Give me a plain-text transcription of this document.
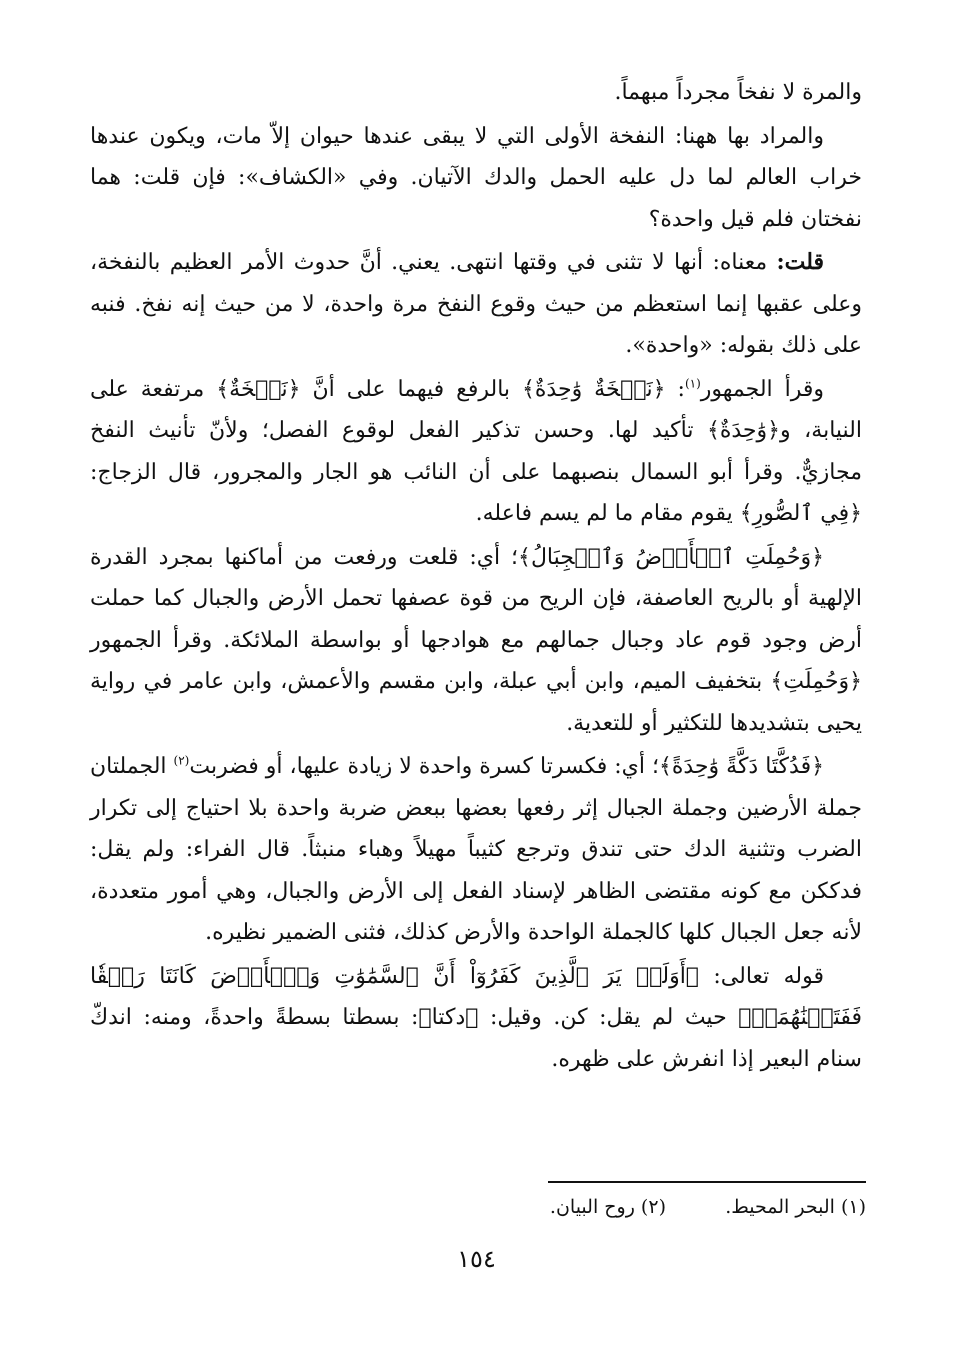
والمرة لا نفخاً مجرداً مبهماً.

والمراد بها ههنا: النفخة الأولى التي لا يبقى عندها حيوان إلاّ مات، ويكون عندها خراب العالم لما دل عليه الحمل والدك الآتيان. وفي «الكشاف»: فإن قلت: هما نفختان فلم قيل واحدة؟

قلت: معناه: أنها لا تثنى في وقتها انتهى. يعني. أنَّ حدوث الأمر العظيم بالنفخة، وعلى عقبها إنما استعظم من حيث وقوع النفخ مرة واحدة، لا من حيث إنه نفخ. فنبه على ذلك بقوله: «واحدة».

وقرأ الجمهور$^{(١)}$: ﴿نَفۡخَةٌ وَٰحِدَةٌ﴾ بالرفع فيهما على أنَّ ﴿نَفۡخَةٌ﴾ مرتفعة على النيابة، و﴿وَٰحِدَةٌ﴾ تأكيد لها. وحسن تذكير الفعل لوقوع الفصل؛ ولأنّ تأنيث النفخ مجازيٌّ. وقرأ أبو السمال بنصبهما على أن النائب هو الجار والمجرور، قال الزجاج: ﴿فِي ٱلصُّورِ﴾ يقوم مقام ما لم يسم فاعله.

﴿وَحُمِلَتِ ٱلۡأَرۡضُ وَٱلۡجِبَالُ﴾؛ أي: قلعت ورفعت من أماكنها بمجرد القدرة الإلهية أو بالريح العاصفة، فإن الريح من قوة عصفها تحمل الأرض والجبال كما حملت أرض وجود قوم عاد وجبال جمالهم مع هوادجها أو بواسطة الملائكة. وقرأ الجمهور ﴿وَحُمِلَتِ﴾ بتخفيف الميم، وابن أبي عبلة، وابن مقسم والأعمش، وابن عامر في رواية يحيى بتشديدها للتكثير أو للتعدية.

﴿فَدُكَّتَا دَكَّةً وَٰحِدَةً﴾؛ أي: فكسرتا كسرة واحدة لا زيادة عليها، أو فضربت$^{(٢)}$ الجملتان جملة الأرضين وجملة الجبال إثر رفعها بعضها ببعض ضربة واحدة بلا احتياج إلى تكرار الضرب وتثنية الدك حتى تندق وترجع كثيباً مهيلاً وهباء منبثاً. قال الفراء: ولم يقل: فدككن مع كونه مقتضى الظاهر لإسناد الفعل إلى الأرض والجبال، وهي أمور متعددة، لأنه جعل الجبال كلها كالجملة الواحدة والأرض كذلك، فثنى الضمير نظيره.

قوله تعالى: ﴿أَوَلَمۡ يَرَ ٱلَّذِينَ كَفَرُوٓاْ أَنَّ ٱلسَّمَٰوَٰتِ وَٱلۡأَرۡضَ كَانَتَا رَتۡقٗا فَفَتَقۡنَٰهُمَاۖ﴾ حيث لم يقل: كن. وقيل: ﴿دكتا﴾: بسطتا بسطةً واحدةً، ومنه: اندكّ سنام البعير إذا انفرش على ظهره.

(١) البحر المحيط.
(٢) روح البيان.
١٥٤
